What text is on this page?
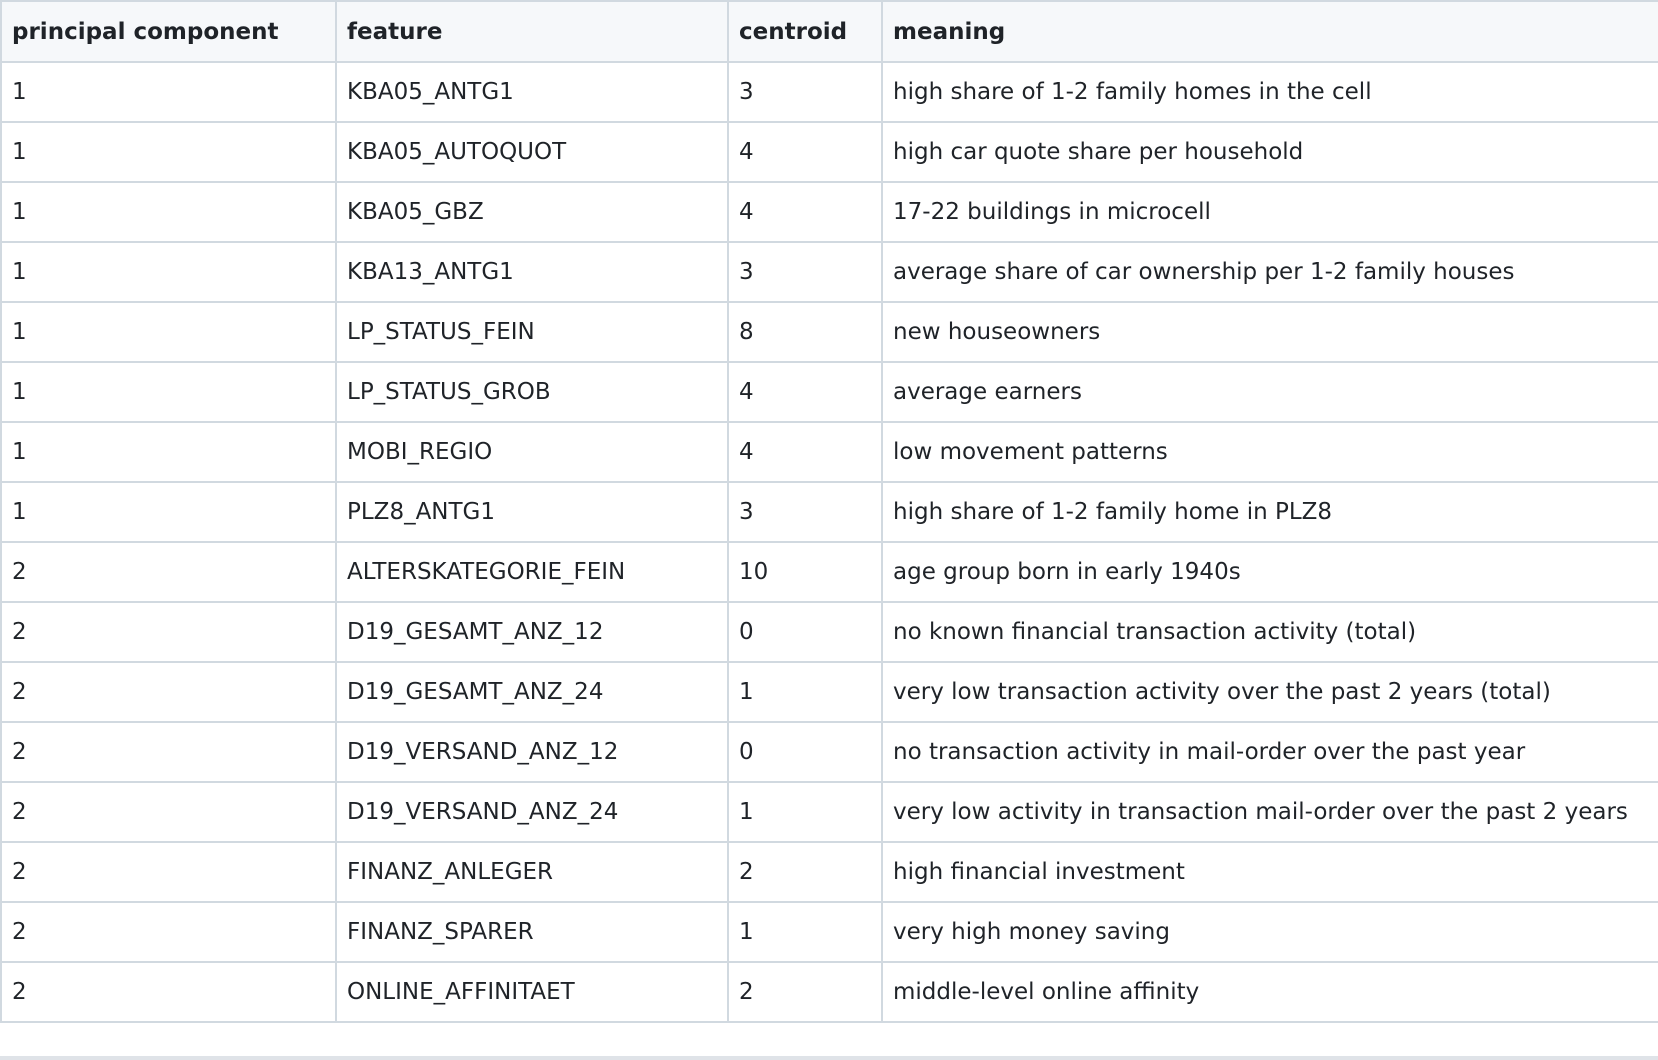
principal component	feature	centroid	meaning
1	KBA05_ANTG1	3	high share of 1-2 family homes in the cell
1	KBA05_AUTOQUOT	4	high car quote share per household
1	KBA05_GBZ	4	17-22 buildings in microcell
1	KBA13_ANTG1	3	average share of car ownership per 1-2 family houses
1	LP_STATUS_FEIN	8	new houseowners
1	LP_STATUS_GROB	4	average earners
1	MOBI_REGIO	4	low movement patterns
1	PLZ8_ANTG1	3	high share of 1-2 family home in PLZ8
2	ALTERSKATEGORIE_FEIN	10	age group born in early 1940s
2	D19_GESAMT_ANZ_12	0	no known financial transaction activity (total)
2	D19_GESAMT_ANZ_24	1	very low transaction activity over the past 2 years (total)
2	D19_VERSAND_ANZ_12	0	no transaction activity in mail-order over the past year
2	D19_VERSAND_ANZ_24	1	very low activity in transaction mail-order over the past 2 years
2	FINANZ_ANLEGER	2	high financial investment
2	FINANZ_SPARER	1	very high money saving
2	ONLINE_AFFINITAET	2	middle-level online affinity
